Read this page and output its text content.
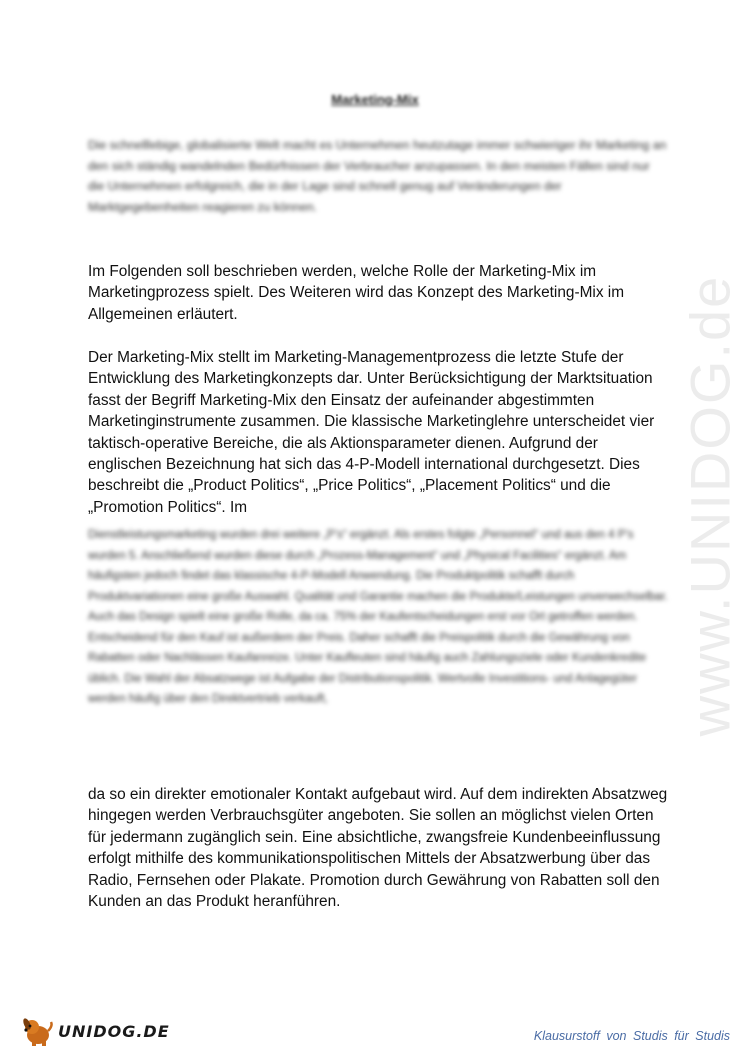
Marketing-Mix

Die schnelllebige, globalisierte Welt macht es Unternehmen heutzutage immer schwieriger ihr Marketing an den sich ständig wandelnden Bedürfnissen der Verbraucher anzupassen. In den meisten Fällen sind nur die Unternehmen erfolgreich, die in der Lage sind schnell genug auf Veränderungen der Marktgegebenheiten reagieren zu können.

Im Folgenden soll beschrieben werden, welche Rolle der Marketing-Mix im Marketingprozess spielt. Des Weiteren wird das Konzept des Marketing-Mix im Allgemeinen erläutert.

Der Marketing-Mix stellt im Marketing-Managementprozess die letzte Stufe der Entwicklung des Marketingkonzepts dar. Unter Berücksichtigung der Marktsituation fasst der Begriff Marketing-Mix den Einsatz der aufeinander abgestimmten Marketinginstrumente zusammen. Die klassische Marketinglehre unterscheidet vier taktisch-operative Bereiche, die als Aktionsparameter dienen. Aufgrund der englischen Bezeichnung hat sich das 4-P-Modell international durchgesetzt. Dies beschreibt die „Product Politics“, „Price Politics“, „Placement Politics“ und die „Promotion Politics“. Im

Dienstleistungsmarketing wurden drei weitere „P’s“ ergänzt. Als erstes folgte „Personnel“ und aus den 4 P’s wurden 5. Anschließend wurden diese durch „Prozess-Management“ und „Physical Facilities“ ergänzt. Am häufigsten jedoch findet das klassische 4-P-Modell Anwendung. Die Produktpolitik schafft durch Produktvariationen eine große Auswahl. Qualität und Garantie machen die Produkte/Leistungen unverwechselbar. Auch das Design spielt eine große Rolle, da ca. 75% der Kaufentscheidungen erst vor Ort getroffen werden. Entscheidend für den Kauf ist außerdem der Preis. Daher schafft die Preispolitik durch die Gewährung von Rabatten oder Nachlässen Kaufanreize. Unter Kaufleuten sind häufig auch Zahlungsziele oder Kundenkredite üblich. Die Wahl der Absatzwege ist Aufgabe der Distributionspolitik. Wertvolle Investitions- und Anlagegüter werden häufig über den Direktvertrieb verkauft,

da so ein direkter emotionaler Kontakt aufgebaut wird. Auf dem indirekten Absatzweg hingegen werden Verbrauchsgüter angeboten. Sie sollen an möglichst vielen Orten für jedermann zugänglich sein. Eine absichtliche, zwangsfreie Kundenbeeinflussung erfolgt mithilfe des kommunikationspolitischen Mittels der Absatzwerbung über das Radio, Fernsehen oder Plakate. Promotion durch Gewährung von Rabatten soll den Kunden an das Produkt heranführen.

www.UNIDOG.de
UNIDOG.DE	Klausurstoff von Studis für Studis
